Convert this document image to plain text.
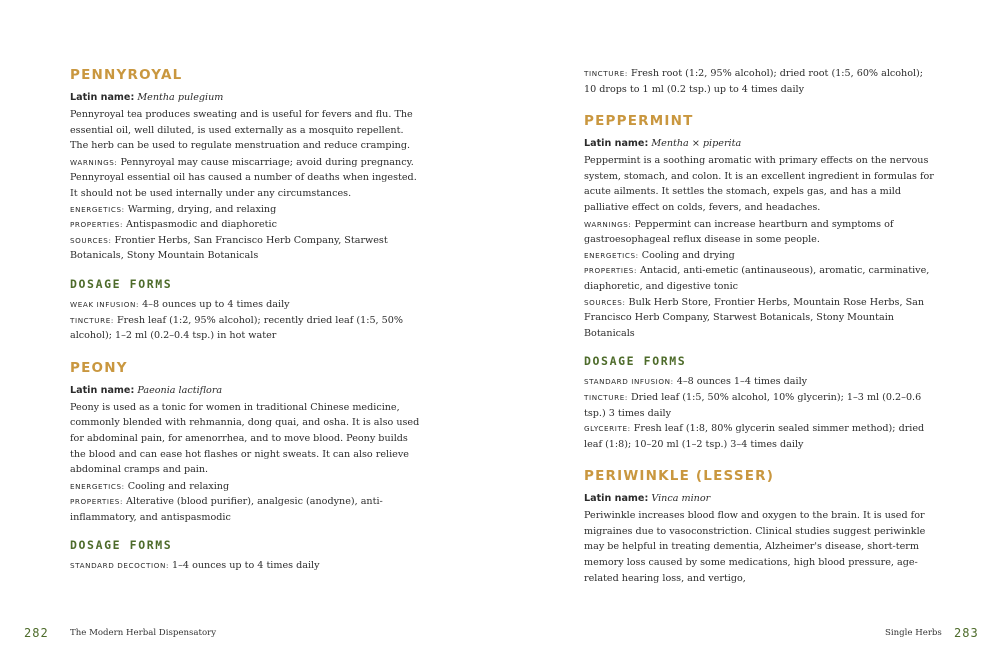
PENNYROYAL

Latin name: Mentha pulegium

Pennyroyal tea produces sweating and is useful for fevers and flu. The essential oil, well diluted, is used externally as a mosquito repellent. The herb can be used to regulate menstruation and reduce cramping.

WARNINGS: Pennyroyal may cause miscarriage; avoid during pregnancy. Pennyroyal essential oil has caused a number of deaths when ingested. It should not be used internally under any circumstances.

ENERGETICS: Warming, drying, and relaxing

PROPERTIES: Antispasmodic and diaphoretic

SOURCES: Frontier Herbs, San Francisco Herb Company, Starwest Botanicals, Stony Mountain Botanicals

DOSAGE FORMS

WEAK INFUSION: 4–8 ounces up to 4 times daily

TINCTURE: Fresh leaf (1:2, 95% alcohol); recently dried leaf (1:5, 50% alcohol); 1–2 ml (0.2–0.4 tsp.) in hot water

PEONY

Latin name: Paeonia lactiflora

Peony is used as a tonic for women in traditional Chinese medicine, commonly blended with rehmannia, dong quai, and osha. It is also used for abdominal pain, for amenorrhea, and to move blood. Peony builds the blood and can ease hot flashes or night sweats. It can also relieve abdominal cramps and pain.

ENERGETICS: Cooling and relaxing

PROPERTIES: Alterative (blood purifier), analgesic (anodyne), anti-inflammatory, and antispasmodic

DOSAGE FORMS

STANDARD DECOCTION: 1–4 ounces up to 4 times daily

282 The Modern Herbal Dispensatory

TINCTURE: Fresh root (1:2, 95% alcohol); dried root (1:5, 60% alcohol); 10 drops to 1 ml (0.2 tsp.) up to 4 times daily

PEPPERMINT

Latin name: Mentha × piperita

Peppermint is a soothing aromatic with primary effects on the nervous system, stomach, and colon. It is an excellent ingredient in formulas for acute ailments. It settles the stomach, expels gas, and has a mild palliative effect on colds, fevers, and headaches.

WARNINGS: Peppermint can increase heartburn and symptoms of gastroesophageal reflux disease in some people.

ENERGETICS: Cooling and drying

PROPERTIES: Antacid, anti-emetic (antinauseous), aromatic, carminative, diaphoretic, and digestive tonic

SOURCES: Bulk Herb Store, Frontier Herbs, Mountain Rose Herbs, San Francisco Herb Company, Starwest Botanicals, Stony Mountain Botanicals

DOSAGE FORMS

STANDARD INFUSION: 4–8 ounces 1–4 times daily

TINCTURE: Dried leaf (1:5, 50% alcohol, 10% glycerin); 1–3 ml (0.2–0.6 tsp.) 3 times daily

GLYCERITE: Fresh leaf (1:8, 80% glycerin sealed simmer method); dried leaf (1:8); 10–20 ml (1–2 tsp.) 3–4 times daily

PERIWINKLE (LESSER)

Latin name: Vinca minor

Periwinkle increases blood flow and oxygen to the brain. It is used for migraines due to vasoconstriction. Clinical studies suggest periwinkle may be helpful in treating dementia, Alzheimer's disease, short-term memory loss caused by some medications, high blood pressure, age-related hearing loss, and vertigo,

Single Herbs 283
